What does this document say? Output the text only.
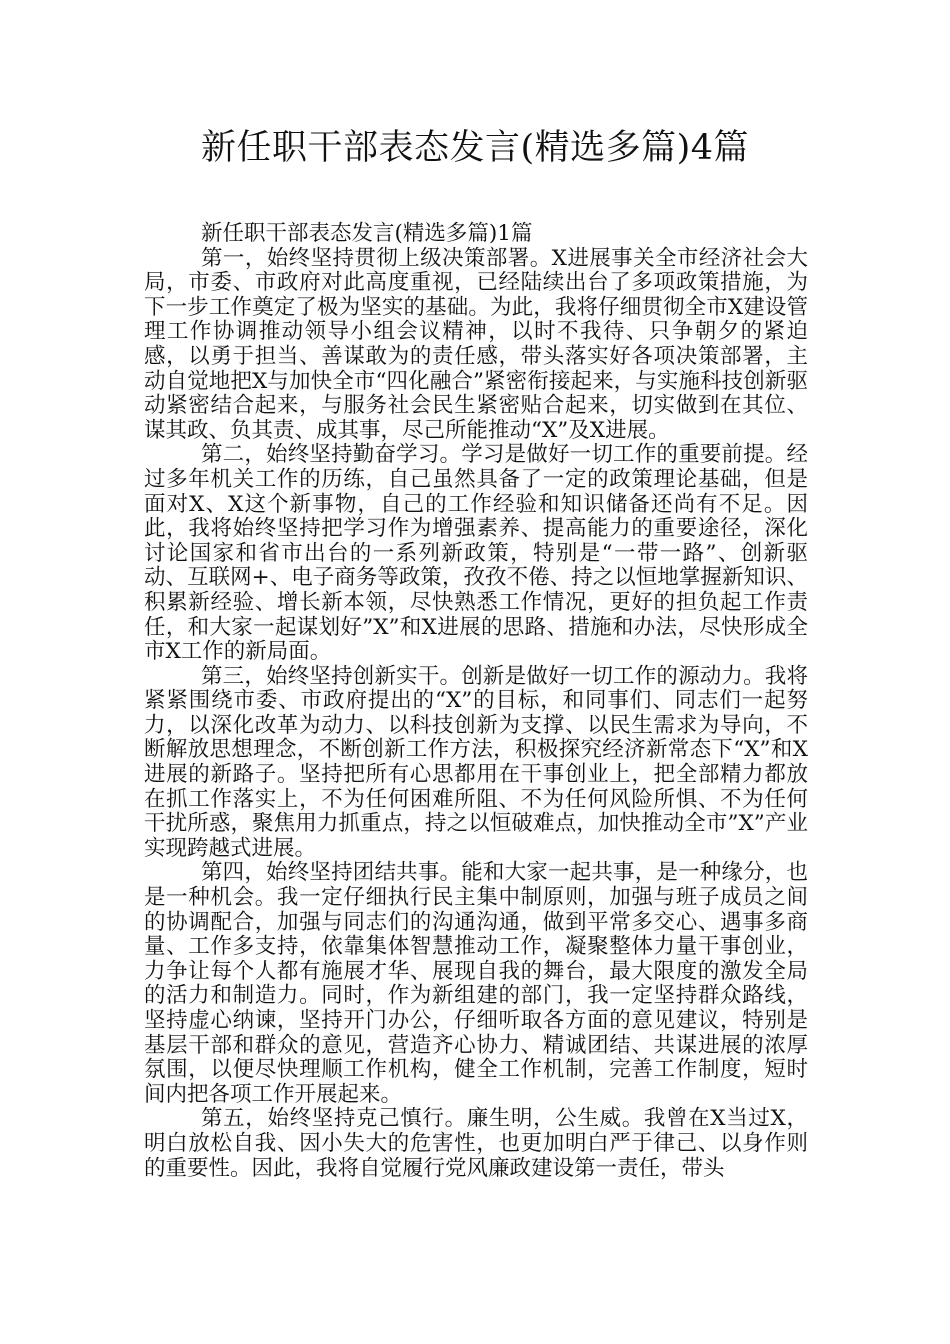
新任职干部表态发言(精选多篇)4篇

新任职干部表态发言(精选多篇)1篇

第一，始终坚持贯彻上级决策部署。X进展事关全市经济社会大局，市委、市政府对此高度重视，已经陆续出台了多项政策措施，为下一步工作奠定了极为坚实的基础。为此，我将仔细贯彻全市X建设管理工作协调推动领导小组会议精神，以时不我待、只争朝夕的紧迫感，以勇于担当、善谋敢为的责任感，带头落实好各项决策部署，主动自觉地把X与加快全市“四化融合”紧密衔接起来，与实施科技创新驱动紧密结合起来，与服务社会民生紧密贴合起来，切实做到在其位、谋其政、负其责、成其事，尽己所能推动“X”及X进展。

第二，始终坚持勤奋学习。学习是做好一切工作的重要前提。经过多年机关工作的历练，自己虽然具备了一定的政策理论基础，但是面对X、X这个新事物，自己的工作经验和知识储备还尚有不足。因此，我将始终坚持把学习作为增强素养、提高能力的重要途径，深化讨论国家和省市出台的一系列新政策，特别是“一带一路”、创新驱动、互联网+、电子商务等政策，孜孜不倦、持之以恒地掌握新知识、积累新经验、增长新本领，尽快熟悉工作情况，更好的担负起工作责任，和大家一起谋划好”X”和X进展的思路、措施和办法，尽快形成全市X工作的新局面。

第三，始终坚持创新实干。创新是做好一切工作的源动力。我将紧紧围绕市委、市政府提出的“X”的目标，和同事们、同志们一起努力，以深化改革为动力、以科技创新为支撑、以民生需求为导向，不断解放思想理念，不断创新工作方法，积极探究经济新常态下“X”和X进展的新路子。坚持把所有心思都用在干事创业上，把全部精力都放在抓工作落实上，不为任何困难所阻、不为任何风险所惧、不为任何干扰所惑，聚焦用力抓重点，持之以恒破难点，加快推动全市”X”产业实现跨越式进展。

第四，始终坚持团结共事。能和大家一起共事，是一种缘分，也是一种机会。我一定仔细执行民主集中制原则，加强与班子成员之间的协调配合，加强与同志们的沟通沟通，做到平常多交心、遇事多商量、工作多支持，依靠集体智慧推动工作，凝聚整体力量干事创业，力争让每个人都有施展才华、展现自我的舞台，最大限度的激发全局的活力和制造力。同时，作为新组建的部门，我一定坚持群众路线，坚持虚心纳谏，坚持开门办公，仔细听取各方面的意见建议，特别是基层干部和群众的意见，营造齐心协力、精诚团结、共谋进展的浓厚氛围，以便尽快理顺工作机构，健全工作机制，完善工作制度，短时间内把各项工作开展起来。

第五，始终坚持克己慎行。廉生明，公生威。我曾在X当过X，明白放松自我、因小失大的危害性，也更加明白严于律己、以身作则的重要性。因此，我将自觉履行党风廉政建设第一责任，带头
